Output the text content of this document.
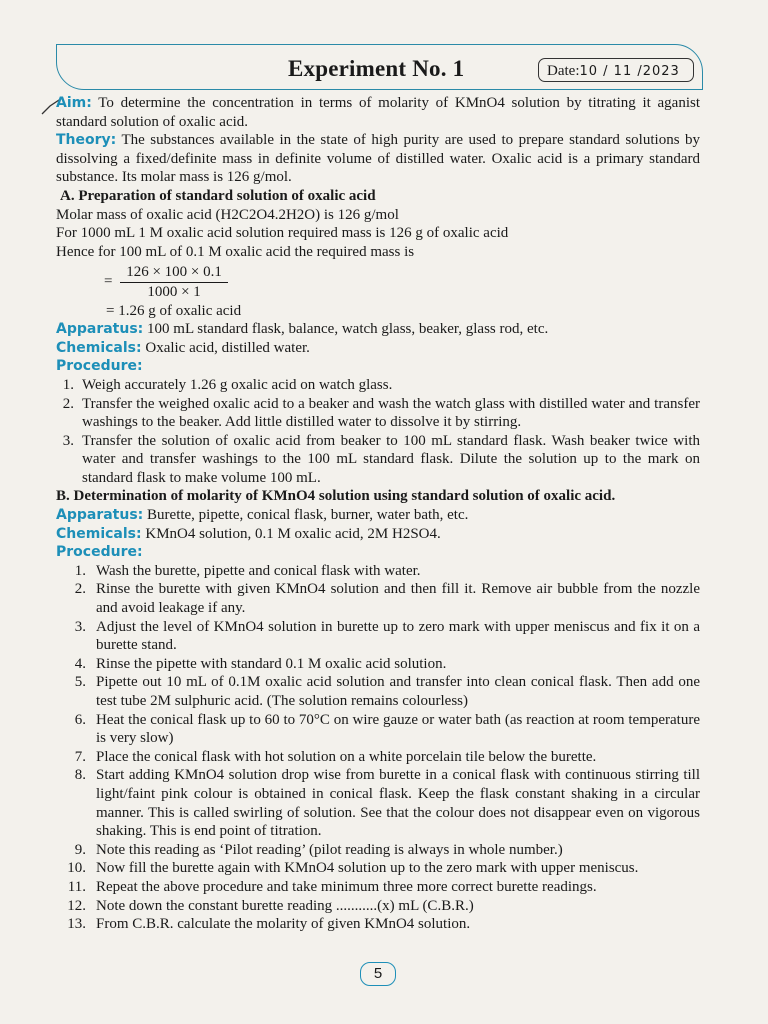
Experiment No. 1	Date:10 / 11 /2023

Aim: To determine the concentration in terms of molarity of KMnO4 solution by titrating it aganist standard solution of oxalic acid.

Theory: The substances available in the state of high purity are used to prepare standard solutions by dissolving a fixed/definite mass in definite volume of distilled water. Oxalic acid is a primary standard substance. Its molar mass is 126 g/mol.

A. Preparation of standard solution of oxalic acid

Molar mass of oxalic acid (H2C2O4.2H2O) is 126 g/mol

For 1000 mL 1 M oxalic acid solution required mass is 126 g of oxalic acid

Hence for 100 mL of 0.1 M oxalic acid the required mass is

= $\frac{126 \times 100 \times 0.1}{1000 \times 1}$

= 1.26 g of oxalic acid

Apparatus: 100 mL standard flask, balance, watch glass, beaker, glass rod, etc.

Chemicals: Oxalic acid, distilled water.

Procedure:

1. Weigh accurately 1.26 g oxalic acid on watch glass.
2. Transfer the weighed oxalic acid to a beaker and wash the watch glass with distilled water and transfer washings to the beaker. Add little distilled water to dissolve it by stirring.
3. Transfer the solution of oxalic acid from beaker to 100 mL standard flask. Wash beaker twice with water and transfer washings to the 100 mL standard flask. Dilute the solution up to the mark on standard flask to make volume 100 mL.

B. Determination of molarity of KMnO4 solution using standard solution of oxalic acid.

Apparatus: Burette, pipette, conical flask, burner, water bath, etc.

Chemicals: KMnO4 solution, 0.1 M oxalic acid, 2M H2SO4.

Procedure:

1. Wash the burette, pipette and conical flask with water.
2. Rinse the burette with given KMnO4 solution and then fill it. Remove air bubble from the nozzle and avoid leakage if any.
3. Adjust the level of KMnO4 solution in burette up to zero mark with upper meniscus and fix it on a burette stand.
4. Rinse the pipette with standard 0.1 M oxalic acid solution.
5. Pipette out 10 mL of 0.1M oxalic acid solution and transfer into clean conical flask. Then add one test tube 2M sulphuric acid. (The solution remains colourless)
6. Heat the conical flask up to 60 to 70°C on wire gauze or water bath (as reaction at room temperature is very slow)
7. Place the conical flask with hot solution on a white porcelain tile below the burette.
8. Start adding KMnO4 solution drop wise from burette in a conical flask with continuous stirring till light/faint pink colour is obtained in conical flask. Keep the flask constant shaking in a circular manner. This is called swirling of solution. See that the colour does not disappear even on vigorous shaking. This is end point of titration.
9. Note this reading as ‘Pilot reading’ (pilot reading is always in whole number.)
10. Now fill the burette again with KMnO4 solution up to the zero mark with upper meniscus.
11. Repeat the above procedure and take minimum three more correct burette readings.
12. Note down the constant burette reading ...........(x) mL (C.B.R.)
13. From C.B.R. calculate the molarity of given KMnO4 solution.
5
